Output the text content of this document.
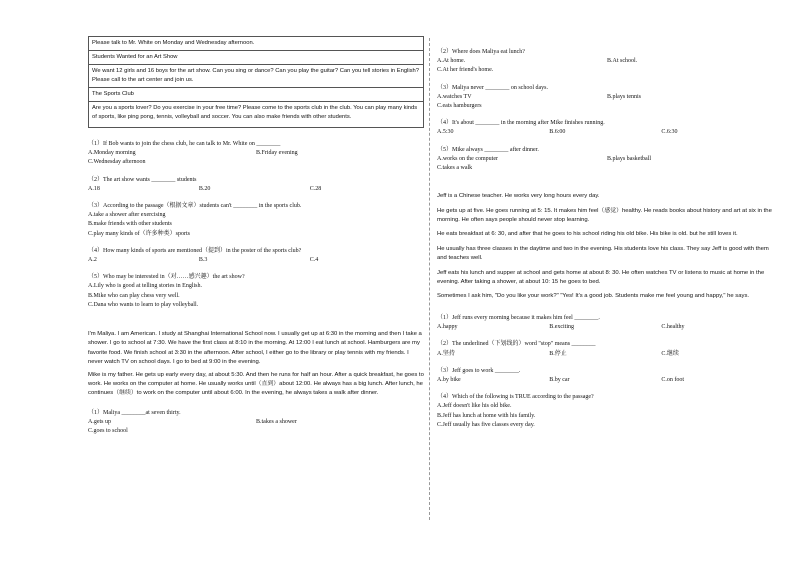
Please talk to Mr. White on Monday and Wednesday afternoon.
Students Wanted for an Art Show
We want 12 girls and 16 boys for the art show. Can you sing or dance? Can you play the guitar? Can you tell stories in English? Please call to the art center and join us.
The Sports Club
Are you a sports lover? Do you exercise in your free time? Please come to the sports club in the club. You can play many kinds of sports, like ping pong, tennis, volleyball and soccer. You can also make friends with other students.

（1）If Bob wants to join the chess club, he can talk to Mr. White on ________

A.Monday morning	B.Friday evening

C.Wednesday afternoon

（2）The art show wants ________ students

A.18	B.20	C.28

（3）According to the passage（根据文章）students can't ________ in the sports club.

A.take a shower after exercising

B.make friends with other students

C.play many kinds of（许多种类）sports

（4）How many kinds of sports are mentioned（提到）in the poster of the sports club?

A.2	B.3	C.4

（5）Who may be interested in（对……感兴趣）the art show?

A.Lily who is good at telling stories in English.

B.Mike who can play chess very well.

C.Dana who wants to learn to play volleyball.

I'm Maliya. I am American. I study at Shanghai International School now. I usually get up at 6:30 in the morning and then I take a shower. I go to school at 7:30. We have the first class at 8:10 in the morning. At 12:00 I eat lunch at school. Hamburgers are my favorite food. We finish school at 3:30 in the afternoon. After school, I either go to the library or play tennis with my friends. I never watch TV on school days. I go to bed at 9:00 in the evening.

Mike is my father. He gets up early every day, at about 5:30. And then he runs for half an hour. After a quick breakfast, he goes to work. He works on the computer at home. He usually works until（直到）about 12:00. He always has a big lunch. After lunch, he continues（继续）to work on the computer until about 6:00. In the evening, he always takes a walk after dinner.

（1）Maliya ________at seven thirty.

A.gets up	B.takes a shower

C.goes to school

（2）Where does Maliya eat lunch?

A.At home.	B.At school.

C.At her friend's home.

（3）Maliya never ________ on school days.

A.watches TV	B.plays tennis

C.eats hamburgers

（4）It's about ________ in the morning after Mike finishes running.

A.5:30	B.6:00	C.6:30

（5）Mike always ________ after dinner.

A.works on the computer	B.plays basketball

C.takes a walk

Jeff is a Chinese teacher. He works very long hours every day.

He gets up at five. He goes running at 5: 15. It makes him feel（感觉）healthy. He reads books about history and art at six in the morning. He often says people should never stop learning.

He eats breakfast at 6: 30, and after that he goes to his school riding his old bike. His bike is old. but he still loves it.

He usually has three classes in the daytime and two in the evening. His students love his class. They say Jeff is good with them and teaches well.

Jeff eats his lunch and supper at school and gets home at about 8: 30. He often watches TV or listens to music at home in the evening. After taking a shower, at about 10: 15 he goes to bed.

Sometimes I ask him, "Do you like your work?" "Yes! It's a good job. Students make me feel young and happy," he says.

（1）Jeff runs every morning because it makes him feel ________.

A.happy	B.exciting	C.healthy

（2）The underlined（下划线的）word "stop" means ________

A.坚持	B.停止	C.继续

（3）Jeff goes to work ________.

A.by bike	B.by car	C.on foot

（4）Which of the following is TRUE according to the passage?

A.Jeff doesn't like his old bike.

B.Jeff has lunch at home with his family.

C.Jeff usually has five classes every day.
